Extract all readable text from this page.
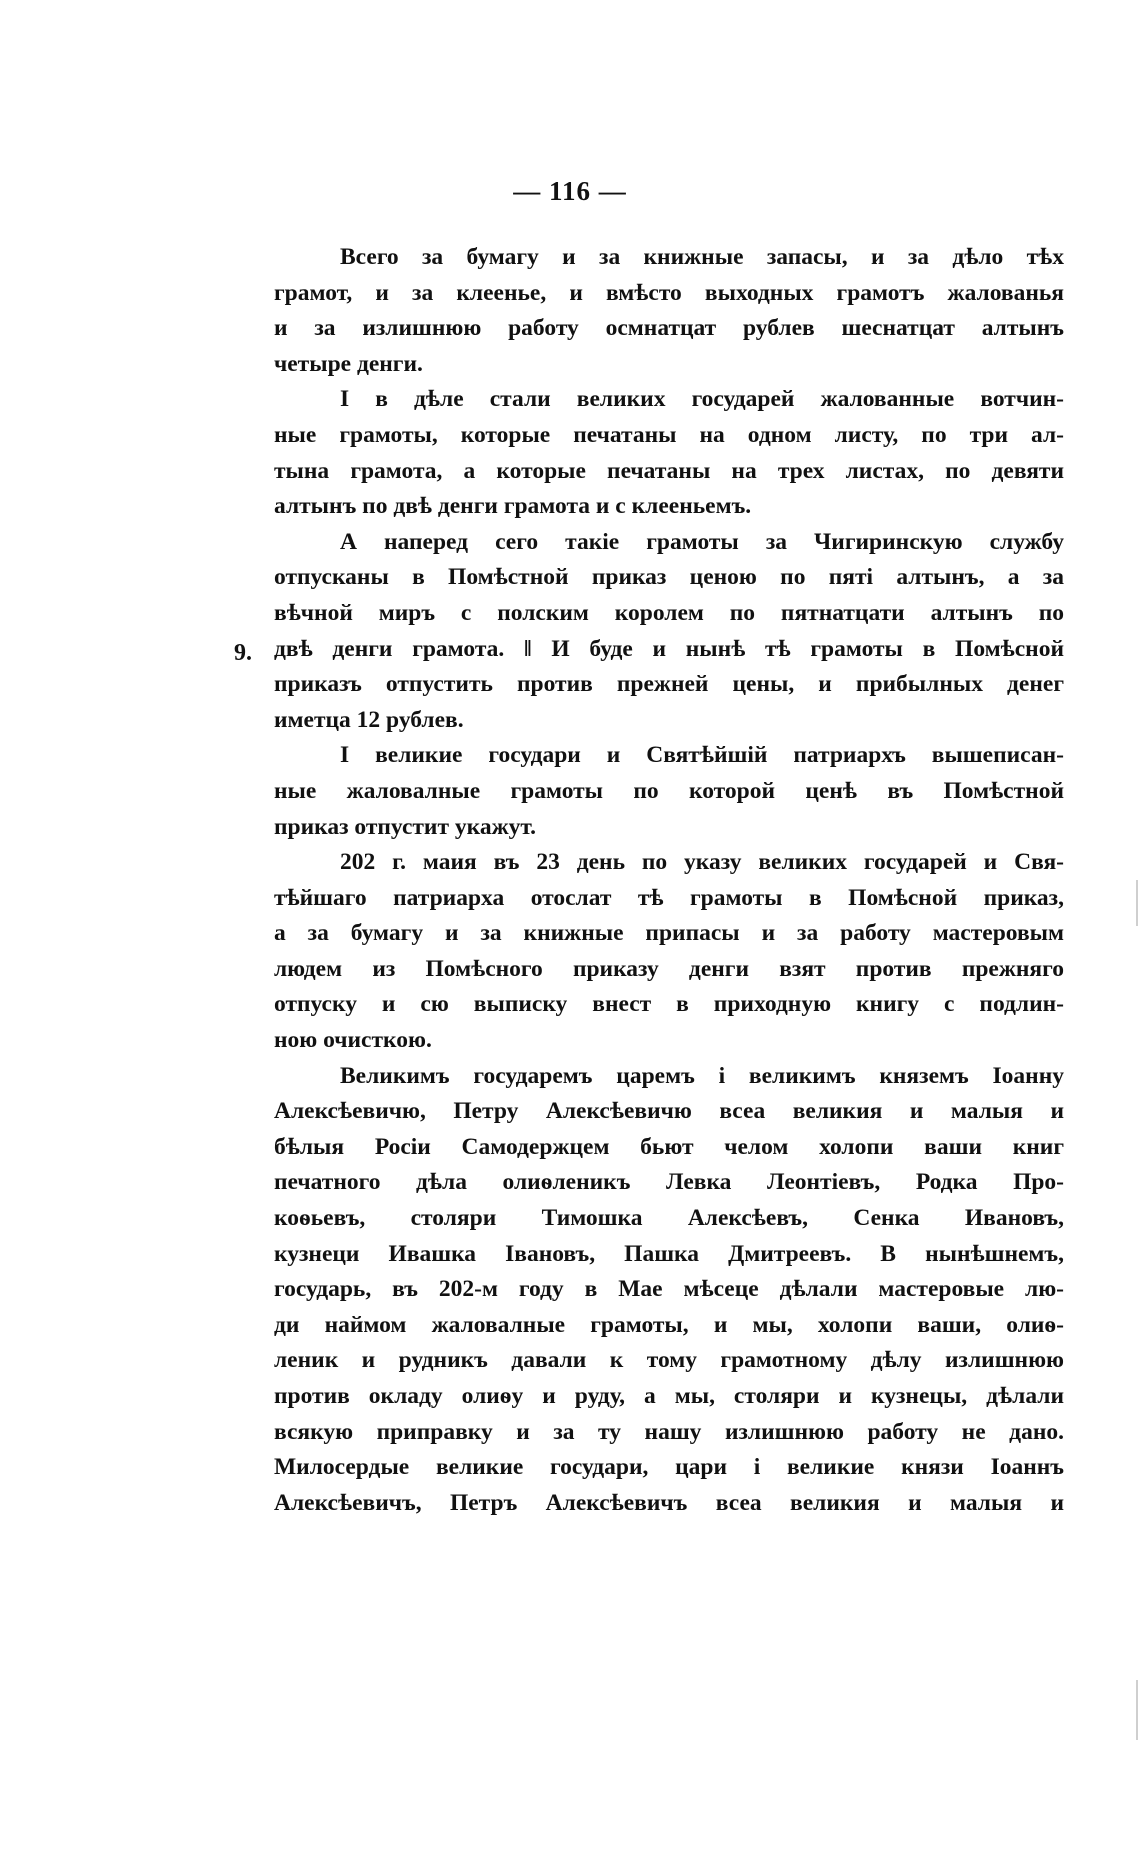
— 116 —
9.
Всего за бумагу и за книжные запасы, и за дѣло тѣх
грамот, и за клеенье, и вмѣсто выходных грамотъ жалованья
и за излишнюю работу осмнатцат рублев шеснатцат алтынъ
четыре денги.
І в дѣле стали великих государей жалованные вотчин-
ные грамоты, которые печатаны на одном листу, по три ал-
тына грамота, а которые печатаны на трех листах, по девяти
алтынъ по двѣ денги грамота и с клееньемъ.
А наперед сего такіе грамоты за Чигиринскую службу
отпусканы в Помѣстной приказ ценою по пяті алтынъ, а за
вѣчной миръ с полским королем по пятнатцати алтынъ по
двѣ денги грамота. ‖ И буде и нынѣ тѣ грамоты в Помѣсной
приказъ отпустить против прежней цены, и прибылных денег
иметца 12 рублев.
І великие государи и Святѣйшій патриархъ вышеписан-
ные жаловалные грамоты по которой ценѣ въ Помѣстной
приказ отпустит укажут.
202 г. маия въ 23 день по указу великих государей и Свя-
тѣйшаго патриарха отослат тѣ грамоты в Помѣсной приказ,
а за бумагу и за книжные припасы и за работу мастеровым
людем из Помѣсного приказу денги взят против прежняго
отпуску и сю выписку внест в приходную книгу с подлин-
ною очисткою.
Великимъ государемъ царемъ і великимъ княземъ Іоанну
Алексѣевичю, Петру Алексѣевичю всеа великия и малыя и
бѣлыя Росіи Самодержцем бьют челом холопи ваши книг
печатного дѣла олиѳленикъ Левка Леонтіевъ, Родка Про-
коѳьевъ, столяри Тимошка Алексѣевъ, Сенка Ивановъ,
кузнеци Ивашка Івановъ, Пашка Дмитреевъ. В нынѣшнемъ,
государь, въ 202-м году в Мае мѣсеце дѣлали мастеровые лю-
ди наймом жаловалные грамоты, и мы, холопи ваши, олиѳ-
леник и рудникъ давали к тому грамотному дѣлу излишнюю
против окладу олиѳу и руду, а мы, столяри и кузнецы, дѣлали
всякую приправку и за ту нашу излишнюю работу не дано.
Милосердые великие государи, цари і великие князи Іоаннъ
Алексѣевичъ, Петръ Алексѣевичъ всеа великия и малыя и
